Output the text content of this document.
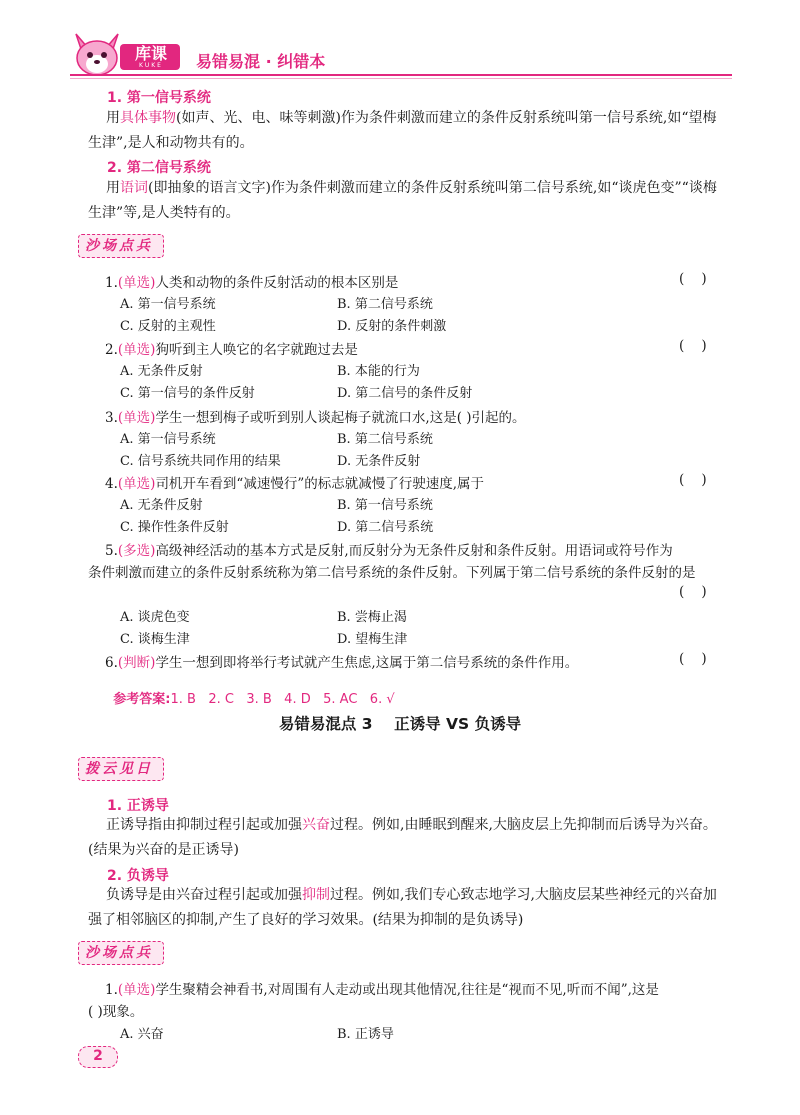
库课
KUKE	易错易混 · 纠错本
1. 第一信号系统
用具体事物(如声、光、电、味等刺激)作为条件刺激而建立的条件反射系统叫第一信号系统,如“望梅生津”,是人和动物共有的。
2. 第二信号系统
用语词(即抽象的语言文字)作为条件刺激而建立的条件反射系统叫第二信号系统,如“谈虎色变”“谈梅生津”等,是人类特有的。
沙场点兵
1.(单选)人类和动物的条件反射活动的根本区别是	(    )
A. 第一信号系统	B. 第二信号系统
C. 反射的主观性	D. 反射的条件刺激
2.(单选)狗听到主人唤它的名字就跑过去是	(    )
A. 无条件反射	B. 本能的行为
C. 第一信号的条件反射	D. 第二信号的条件反射
3.(单选)学生一想到梅子或听到别人谈起梅子就流口水,这是( )引起的。
A. 第一信号系统	B. 第二信号系统
C. 信号系统共同作用的结果	D. 无条件反射
4.(单选)司机开车看到“减速慢行”的标志就减慢了行驶速度,属于	(    )
A. 无条件反射	B. 第一信号系统
C. 操作性条件反射	D. 第二信号系统
5.(多选)高级神经活动的基本方式是反射,而反射分为无条件反射和条件反射。用语词或符号作为
条件刺激而建立的条件反射系统称为第二信号系统的条件反射。下列属于第二信号系统的条件反射的是
(    )
A. 谈虎色变	B. 尝梅止渴
C. 谈梅生津	D. 望梅生津
6.(判断)学生一想到即将举行考试就产生焦虑,这属于第二信号系统的条件作用。	(    )

参考答案:1. B   2. C   3. B   4. D   5. AC   6. √

易错易混点 3    正诱导 VS 负诱导
拨云见日
1. 正诱导
正诱导指由抑制过程引起或加强兴奋过程。例如,由睡眠到醒来,大脑皮层上先抑制而后诱导为兴奋。(结果为兴奋的是正诱导)
2. 负诱导
负诱导是由兴奋过程引起或加强抑制过程。例如,我们专心致志地学习,大脑皮层某些神经元的兴奋加强了相邻脑区的抑制,产生了良好的学习效果。(结果为抑制的是负诱导)
沙场点兵
1.(单选)学生聚精会神看书,对周围有人走动或出现其他情况,往往是“视而不见,听而不闻”,这是
( )现象。
A. 兴奋	B. 正诱导
2
